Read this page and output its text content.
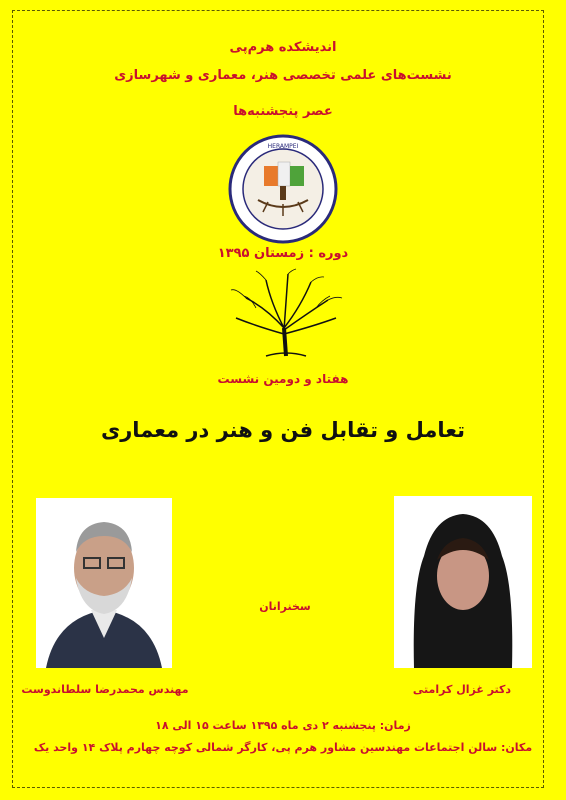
اندیشکده هرم‌پی
نشست‌های علمی تخصصی هنر، معماری و شهرسازی
عصر پنجشنبه‌ها
HERAMPEI
دوره : زمستان ۱۳۹۵
هفتاد و دومین نشست
تعامل و تقابل فن و هنر در معماری
سخنرانان
مهندس محمدرضا سلطاندوست	دکتر غزال کرامتی
زمان: پنجشنبه ۲ دی ماه ۱۳۹۵ ساعت ۱۵ الی ۱۸
مکان: سالن اجتماعات مهندسین مشاور هرم پی، کارگر شمالی کوچه چهارم پلاک ۱۴ واحد یک
